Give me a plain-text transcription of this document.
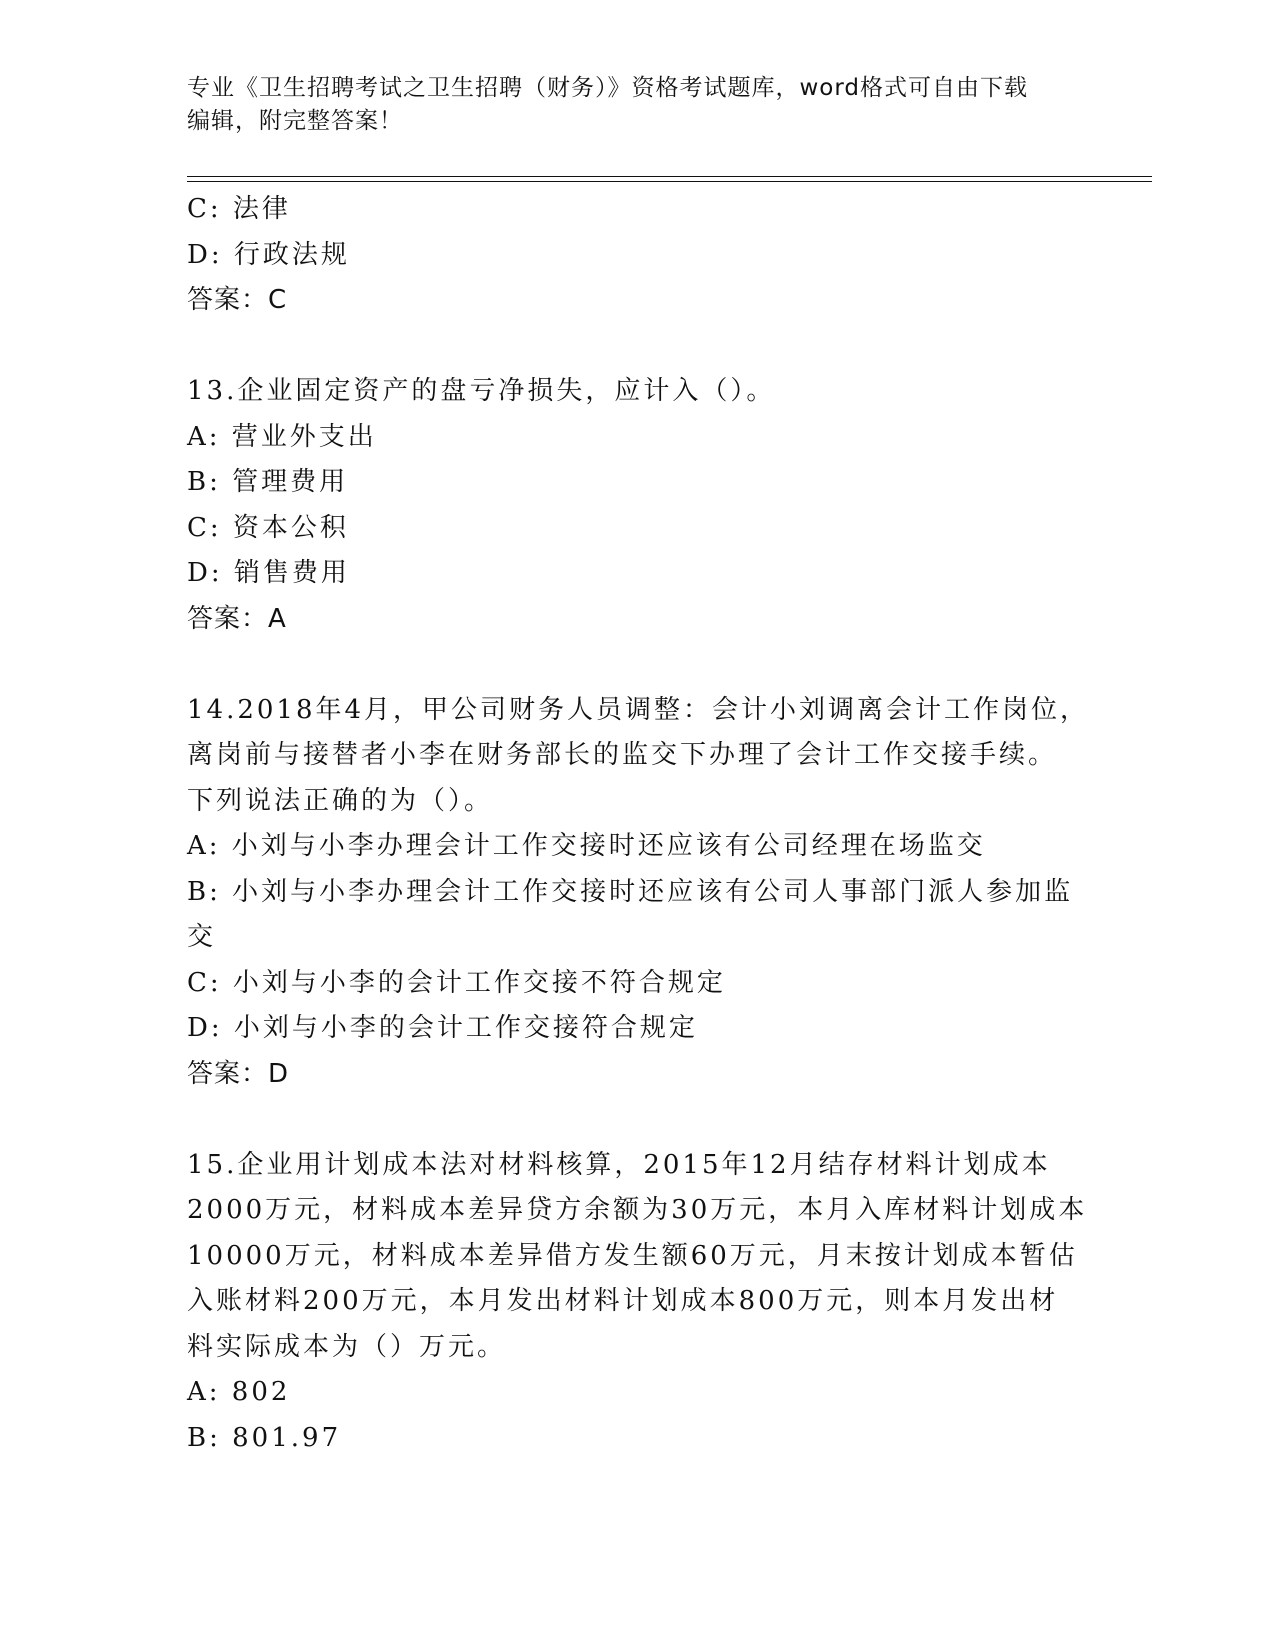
专业《卫生招聘考试之卫生招聘（财务）》资格考试题库，word格式可自由下载
编辑，附完整答案！
C: 法律
D: 行政法规
答案：C
13.企业固定资产的盘亏净损失，应计入（）。
A: 营业外支出
B: 管理费用
C: 资本公积
D: 销售费用
答案：A
14.2018年4月，甲公司财务人员调整：会计小刘调离会计工作岗位，
离岗前与接替者小李在财务部长的监交下办理了会计工作交接手续。
下列说法正确的为（）。
A: 小刘与小李办理会计工作交接时还应该有公司经理在场监交
B: 小刘与小李办理会计工作交接时还应该有公司人事部门派人参加监
交
C: 小刘与小李的会计工作交接不符合规定
D: 小刘与小李的会计工作交接符合规定
答案：D
15.企业用计划成本法对材料核算，2015年12月结存材料计划成本
2000万元，材料成本差异贷方余额为30万元，本月入库材料计划成本
10000万元，材料成本差异借方发生额60万元，月末按计划成本暂估
入账材料200万元，本月发出材料计划成本800万元，则本月发出材
料实际成本为（）万元。
A: 802
B: 801.97
